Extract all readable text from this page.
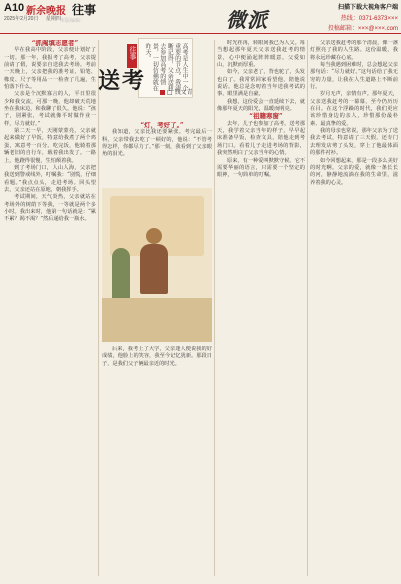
A10 新余晚报 往事
2025年2月20日 星期四 本版编辑：	微派	扫描下载大视角客户端
热线：0371-6373×××
投稿邮箱：×××@×××.com

“抓阄填志愿者”

早在我高中阶段，父亲便计划好了一切。那一年，我报考了高考，父亲提前请了假，说要亲自送我去考场。考前一天晚上，父亲把我的准考证、铅笔、橡皮、尺子等用品一一检查了几遍，生怕落下什么。

父亲是个沉默寡言的人，平日里很少和我交流，可那一晚，他却破天荒地坐在我床边，和我聊了很久。他说：“孩子，别紧张，考试就像平时做作业一样，尽力就好。”

第二天一早，天刚蒙蒙亮，父亲就起来做好了早饭，特意给我煮了两个鸡蛋，寓意考一百分。吃完饭，他骑着那辆老旧的自行车，载着我出发了。一路上，他蹬得很慢，生怕颠着我。

到了考场门口，人山人海，父亲把我送到警戒线外，叮嘱我：“别慌，仔细看题。”我点点头，走进考场。回头望去，父亲还站在原地，朝我挥手。

考试期间，天气炎热，父亲就站在考场外的树荫下等我，一等就是两个多小时。我出来时，他第一句话就是：“累不累？渴不渴？”然后递给我一瓶水。

高考是人生中一个重要的节点。我清晰记得，父亲送我去参加高考的情景，一切仿佛就在昨天。
送考
往事
□ 钱文青

“灯，考好了。”

我知道，父亲比我还要紧张。考完最后一科，父亲带我去吃了一顿好的，他说：“不管考得怎样，你都尽力了。”那一刻，我看到了父亲眼角的泪光。

后来，我考上了大学，父亲逢人便说我的好成绩，他脸上的笑容，我至今记忆犹新。那段日子，是我们父子俩最亲近的时光。

时光荏苒，转眼间我已为人父。每当想起那年夏天父亲送我赶考的情景，心中便涌起阵阵暖意。父爱如山，沉默而厚重。

如今，父亲老了，背也驼了，头发也白了。我常常回家看望他，陪他说说话。他总是念叨着当年送我考试的事，眼里满是自豪。

我想，这份爱会一直延续下去，就像那年夏天的阳光，温暖而明亮。

“祖籍寒窗”

去年，儿子也参加了高考。送考那天，我学着父亲当年的样子，早早起床准备早饭，检查文具，陪他走到考场门口。看着儿子走进考场的背影，我突然明白了父亲当年的心情。

原来，有一种爱叫默默守候。它不需要华丽的语言，只需要一个坚定的眼神，一句简单的叮嘱。

父亲送我赶考的那个清晨，像一盏灯照亮了我的人生路。这份温暖，我将永远珍藏在心底。

每当我遇到困难时，总会想起父亲那句话：“尽力就好。”这句话给了我无穷的力量，让我在人生道路上不断前行。

岁月无声，亲情有声。那年夏天，父亲送我赶考的一幕幕，至今仍历历在目。在这个浮躁的时代，我们更应该珍惜身边的亲人，珍惜那份最朴素、最真挚的爱。

我的母亲也常说，那年父亲为了送我去考试，特意请了三天假，还专门去理发店剪了头发，穿上了他最体面的那件衬衫。

如今回想起来，那是一段多么美好的时光啊。父亲的爱，就像一条长长的河，静静地流淌在我的生命里，滋养着我的心灵。
